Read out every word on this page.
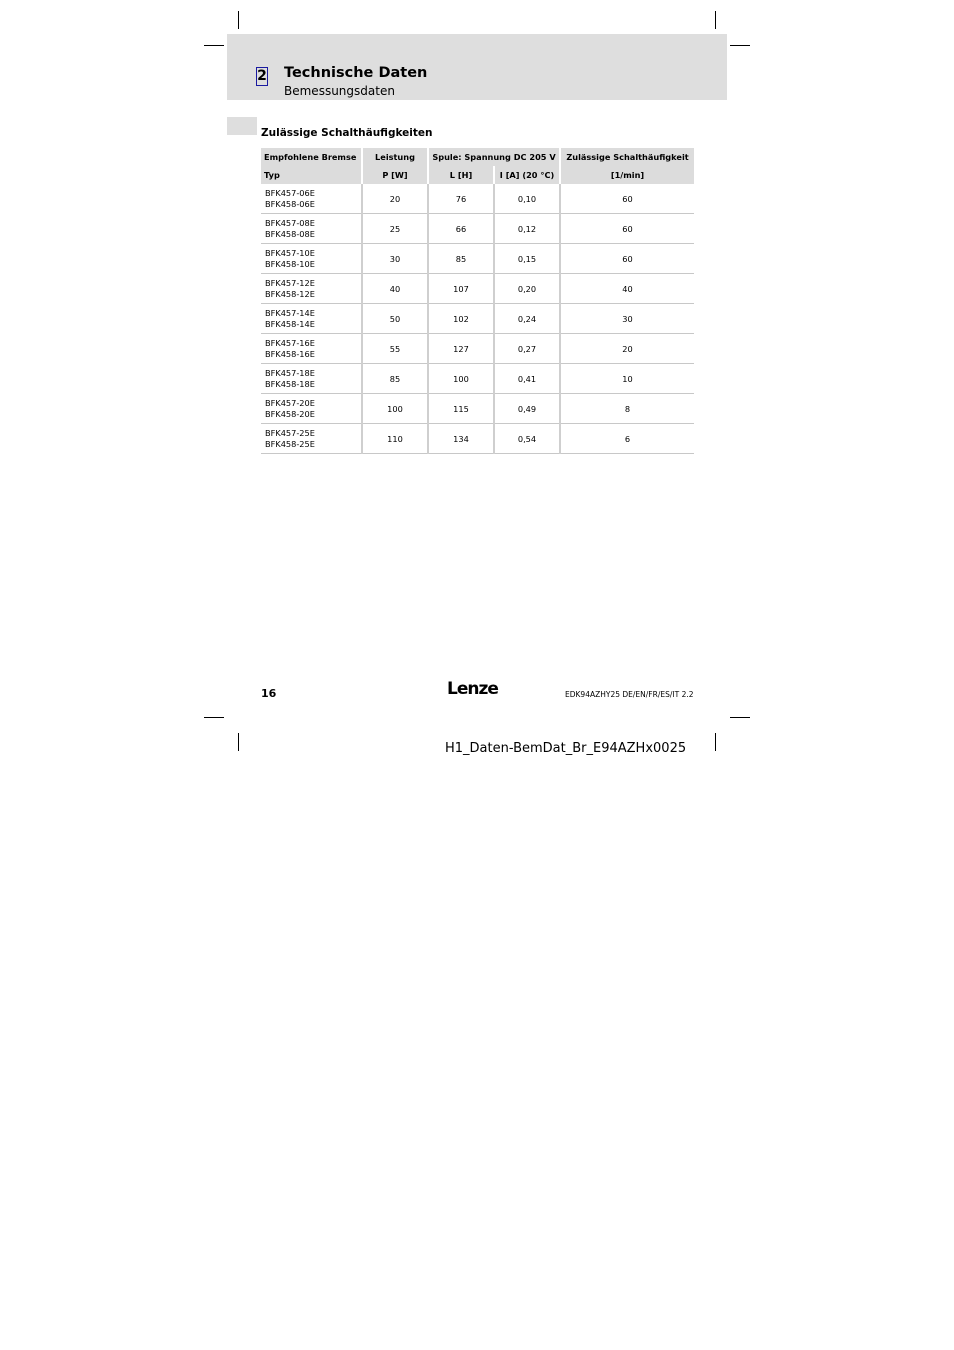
2 Technische Daten
Bemessungsdaten
Zulässige Schalthäufigkeiten
Empfohlene Bremse	Leistung	Spule: Spannung DC 205 V		Zulässige Schalthäufigkeit
Typ	P [W]	L [H]	I [A] (20 °C)	[1/min]

BFK457-06E
BFK458-06E	20	76	0,10	60

BFK457-08E
BFK458-08E	25	66	0,12	60

BFK457-10E
BFK458-10E	30	85	0,15	60

BFK457-12E
BFK458-12E	40	107	0,20	40

BFK457-14E
BFK458-14E	50	102	0,24	30

BFK457-16E
BFK458-16E	55	127	0,27	20

BFK457-18E
BFK458-18E	85	100	0,41	10

BFK457-20E
BFK458-20E	100	115	0,49	8

BFK457-25E
BFK458-25E	110	134	0,54	6
16	Lenze	EDK94AZHY25 DE/EN/FR/ES/IT 2.2
H1_Daten-BemDat_Br_E94AZHx0025
